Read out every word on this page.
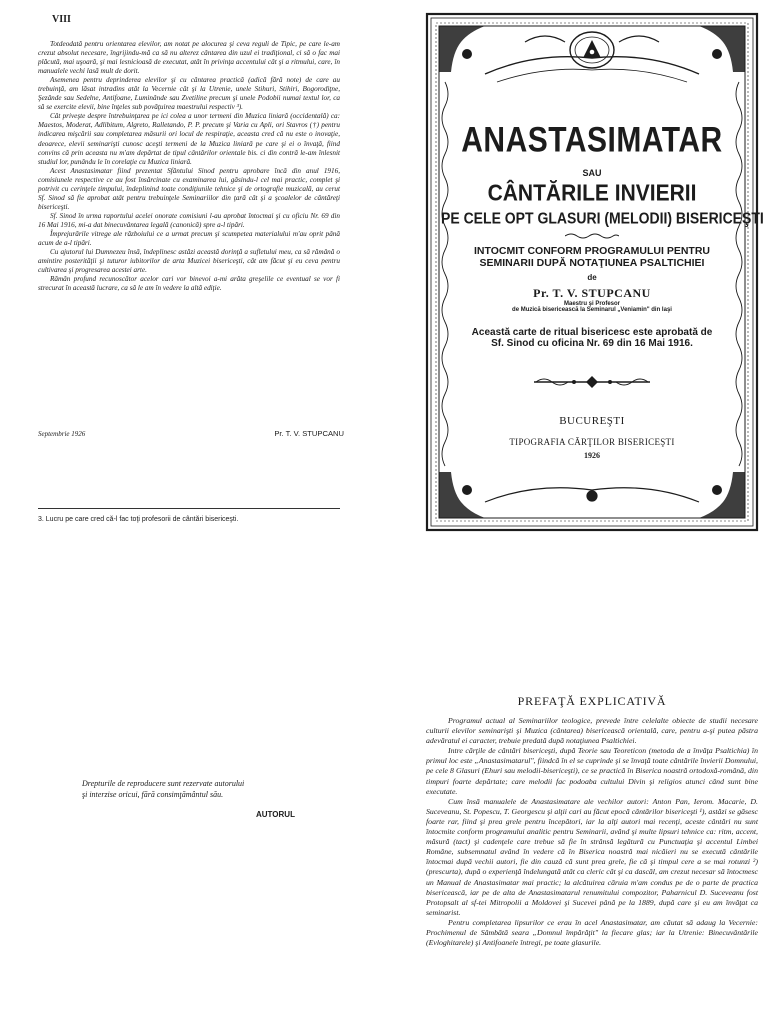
VIII

Totdeodată pentru orientarea elevilor, am notat pe alocurea şi ceva reguli de Tipic, pe care le-am crezut absolut necesare, îngrijindu-mă ca să nu alterez cântarea din uzul ei tradiţional, ci să o fac mai plăcută, mai uşoară, şi mai lesnicioasă de executat, atât în privinţa accentului cât şi a ritmului, care, în manualele vechi lasă mult de dorit.

Asemenea pentru deprinderea elevilor şi cu cântarea practică (adică fără note) de care au trebuinţă, am lăsat intradins atât la Vecernie cât şi la Utrenie, unele Stihuri, Stihiri, Bogorodiţne, Şezânde sau Sedelne, Antifoane, Luminânde sau Zvetiline precum şi unele Podobii numai textul lor, ca să se exercite elevii, bine înţeles sub povăţuirea maestrului respectiv ³).

Cât priveşte despre întrebuinţarea pe ici colea a unor termeni din Muzica liniară (occidentală) ca: Maestos, Moderat, Adlibitum, Algreto, Ralletando, P. P. precum şi Varia cu Apli, ori Stavros (†) pentru indicarea mişcării sau completarea măsurii ori locul de respiraţie, aceasta cred că nu este o inovaţie, deoarece, elevii seminarişti cunosc aceşti termeni de la Muzica liniară pe care şi ei o învaţă, fiind convins că prin aceasta nu m'am depărtat de tipul cântărilor orientale bis. ci din contră le-am înlesnit studiul lor, punându le în corelaţie cu Muzica liniară.

Acest Anastasimatar fiind prezentat Sfântului Sinod pentru aprobare încă din anul 1916, comisiunele respective ce au fost însărcinate cu examinarea lui, găsindu-l cel mai practic, complet şi potrivit cu cerinţele timpului, îndeplinind toate condiţiunile tehnice şi de ortografie muzicală, au cerut Sf. Sinod să fie aprobat atât pentru trebuinţele Seminariilor din ţară cât şi a şcoalelor de cântăreţi bisericeşti.

Sf. Sinod în urma raportului acelei onorate comisiuni l-au aprobat întocmai şi cu oficiu Nr. 69 din 16 Mai 1916, mi-a dat binecuvântarea legală (canonică) spre a-l tipări.

Împrejurările vitrege ale războiului ce a urmat precum şi scumpetea materialului m'au oprit până acum de a-l tipări.

Cu ajutorul lui Dumnezeu însă, îndeplinesc astăzi această dorinţă a sufletului meu, ca să rămână o amintire posterităţii şi tuturor iubitorilor de arta Muzicei bisericeşti, cât am făcut şi eu ceva pentru cultivarea şi progresarea acestei arte.

Rămân profund recunoscător acelor cari vor binevoi a-mi arăta greşelile ce eventual se vor fi strecurat în această lucrare, ca să le am în vedere la altă ediţie.

Septembrie 1926	Pr. T. V. STUPCANU
3. Lucru pe care cred că-l fac toţi profesorii de cântări bisericeşti.
ANASTASIMATAR
SAU
CÂNTĂRILE INVIERII
PE CELE OPT GLASURI (MELODII) BISERICEŞTI
INTOCMIT CONFORM PROGRAMULUI PENTRU
SEMINARII DUPĂ NOTAŢIUNEA PSALTICHIEI
de
Pr. T. V. STUPCANU
Maestru şi Profesor
de Muzică bisericească la Seminarul „Veniamin" din Iaşi
Această carte de ritual bisericesc este aprobată de
Sf. Sinod cu oficina Nr. 69 din 16 Mai 1916.
BUCUREŞTI
TIPOGRAFIA CĂRŢILOR BISERICEŞTI
1926
Drepturile de reproducere sunt rezervate autorului
şi interzise oricui, fără consimţământul său.
AUTORUL
PREFAŢĂ EXPLICATIVĂ

Programul actual al Seminariilor teologice, prevede între celelalte obiecte de studii necesare culturii elevilor seminarişti şi Muzica (cântarea) bisericească orientală, care, pentru a-şi putea păstra adevăratul ei caracter, trebuie predată după notaţiunea Psaltichiei.

Intre cărţile de cântări bisericeşti, după Teorie sau Teoreticon (metoda de a învăţa Psaltichia) în primul loc este „Anastasimatarul", fiindcă în el se cuprinde şi se învaţă toate cântările învierii Domnului, pe cele 8 Glasuri (Ehuri sau melodii-bisericeşti), ce se practică în Biserica noastră ortodoxă-română, din timpuri foarte depărtate; care melodii fac podoaba cultului Divin şi religios atunci când sunt bine executate.

Cum însă manualele de Anastasimatare ale vechilor autori: Anton Pan, Ierom. Macarie, D. Suceveanu, St. Popescu, T. Georgescu şi alţii cari au făcut epocă cântărilor bisericeşti ¹), astăzi se găsesc foarte rar, fiind şi prea grele pentru începători, iar la alţi autori mai recenţi, aceste cântări nu sunt întocmite conform programului analitic pentru Seminarii, având şi multe lipsuri tehnice ca: ritm, accent, măsură (tact) şi cadenţele care trebue să fie în strânsă legătură cu Punctuaţia şi accentul Limbei Române, subsemnatul având în vedere că în Biserica noastră mai nicăieri nu se execută cântările întocmai după vechii autori, fie din cauză că sunt prea grele, fie că şi timpul cere a se mai rotunzi ²) (prescurta), după o experienţă îndelungată atât ca cleric cât şi ca dascăl, am crezut necesar să întocmesc un Manual de Anastasimatar mai practic; la alcătuirea căruia m'am condus pe de o parte de practica bisericească, iar pe de alta de Anastasimatarul renumitului compozitor, Paharnicul D. Suceveanu fost Protopsalt al sf-tei Mitropolii a Moldovei şi Sucevei până pe la 1889, după care şi eu am învăţat ca seminarist.

Pentru completarea lipsurilor ce erau în acel Anastasimatar, am căutat să adaug la Vecernie: Prochimenul de Sâmbătă seara „Domnul împărăţit" la fiecare glas; iar la Utrenie: Binecuvântările (Evloghitarele) şi Antifoanele întregi, pe toate glasurile.
